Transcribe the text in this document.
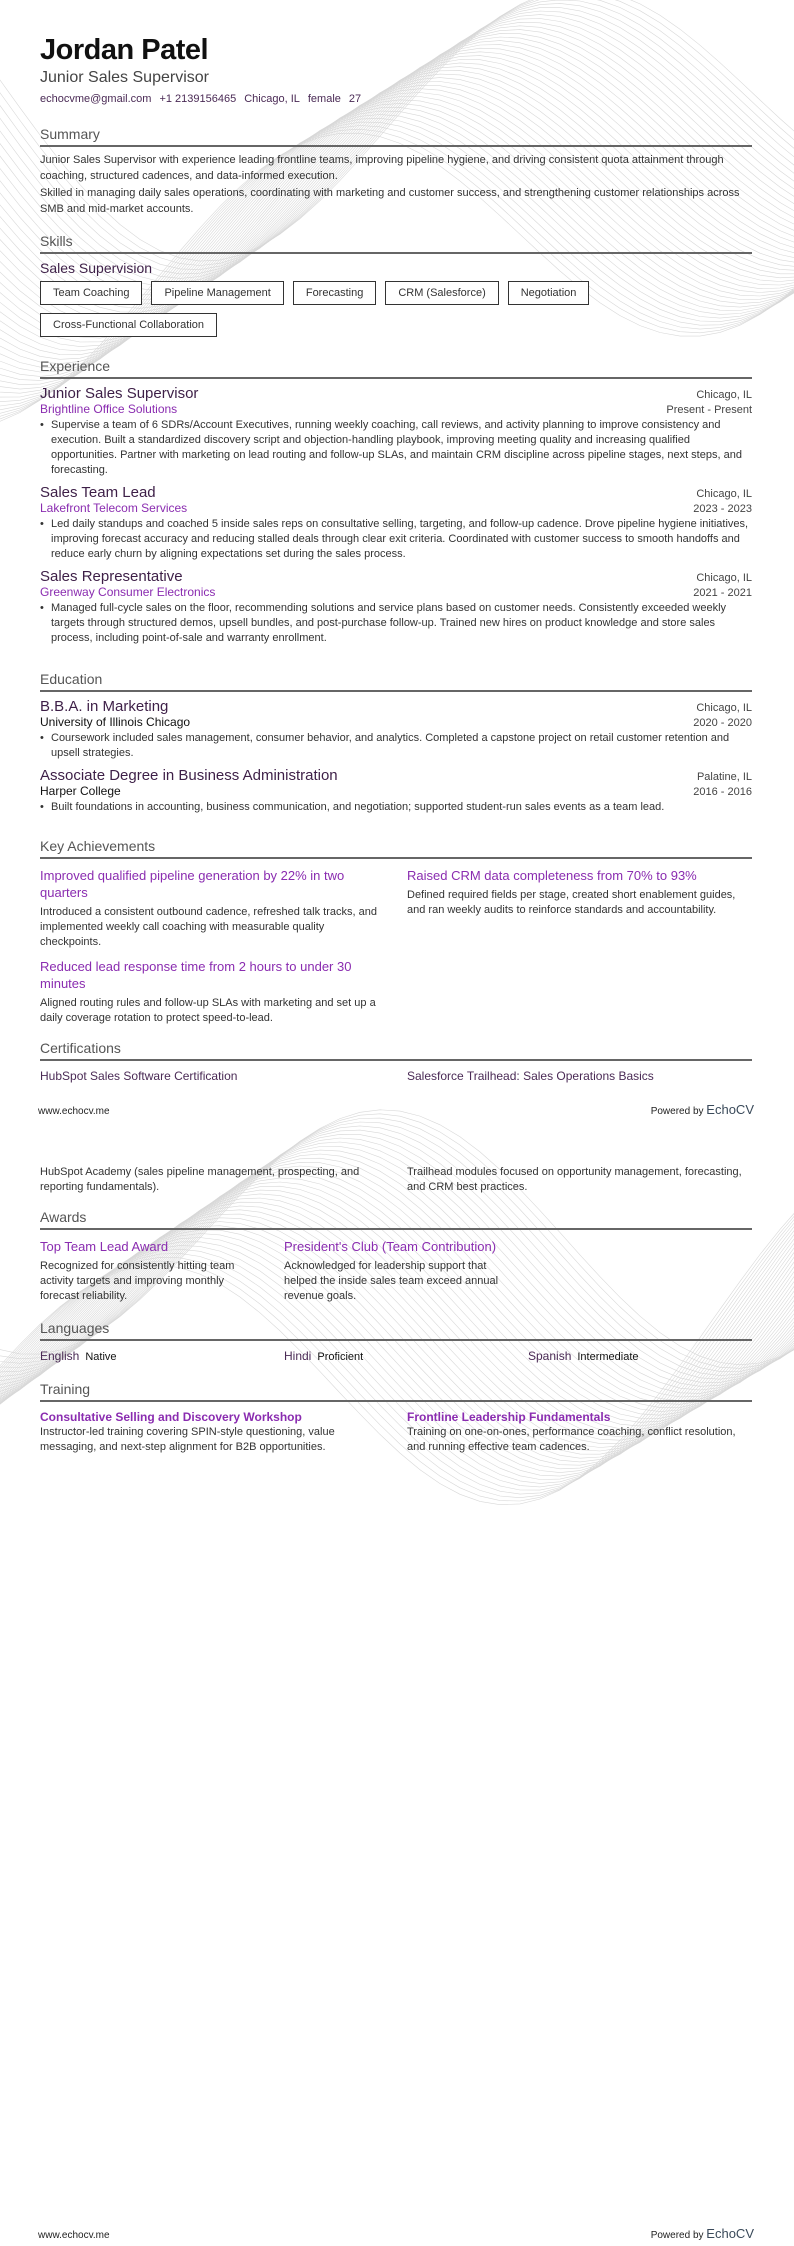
Jordan Patel
Junior Sales Supervisor
echocvme@gmail.com +1 2139156465 Chicago, IL female 27
Summary

Junior Sales Supervisor with experience leading frontline teams, improving pipeline hygiene, and driving consistent quota attainment through coaching, structured cadences, and data-informed execution.

Skilled in managing daily sales operations, coordinating with marketing and customer success, and strengthening customer relationships across SMB and mid-market accounts.

Skills
Sales Supervision
Team Coaching	Pipeline Management	Forecasting	CRM (Salesforce)	Negotiation
Cross-Functional Collaboration
Experience
Junior Sales Supervisor	Chicago, IL
Brightline Office Solutions	Present - Present
• Supervise a team of 6 SDRs/Account Executives, running weekly coaching, call reviews, and activity planning to improve consistency and execution. Built a standardized discovery script and objection-handling playbook, improving meeting quality and increasing qualified opportunities. Partner with marketing on lead routing and follow-up SLAs, and maintain CRM discipline across pipeline stages, next steps, and forecasting.
Sales Team Lead	Chicago, IL
Lakefront Telecom Services	2023 - 2023
• Led daily standups and coached 5 inside sales reps on consultative selling, targeting, and follow-up cadence. Drove pipeline hygiene initiatives, improving forecast accuracy and reducing stalled deals through clear exit criteria. Coordinated with customer success to smooth handoffs and reduce early churn by aligning expectations set during the sales process.
Sales Representative	Chicago, IL
Greenway Consumer Electronics	2021 - 2021
• Managed full-cycle sales on the floor, recommending solutions and service plans based on customer needs. Consistently exceeded weekly targets through structured demos, upsell bundles, and post-purchase follow-up. Trained new hires on product knowledge and store sales process, including point-of-sale and warranty enrollment.
Education
B.B.A. in Marketing	Chicago, IL
University of Illinois Chicago	2020 - 2020
• Coursework included sales management, consumer behavior, and analytics. Completed a capstone project on retail customer retention and upsell strategies.
Associate Degree in Business Administration	Palatine, IL
Harper College	2016 - 2016
• Built foundations in accounting, business communication, and negotiation; supported student-run sales events as a team lead.
Key Achievements
Improved qualified pipeline generation by 22% in two quarters
Introduced a consistent outbound cadence, refreshed talk tracks, and implemented weekly call coaching with measurable quality checkpoints.
Raised CRM data completeness from 70% to 93%
Defined required fields per stage, created short enablement guides, and ran weekly audits to reinforce standards and accountability.
Reduced lead response time from 2 hours to under 30 minutes
Aligned routing rules and follow-up SLAs with marketing and set up a daily coverage rotation to protect speed-to-lead.
Certifications
HubSpot Sales Software Certification	Salesforce Trailhead: Sales Operations Basics
www.echocv.me	Powered by EchoCV
HubSpot Academy (sales pipeline management, prospecting, and reporting fundamentals).
Trailhead modules focused on opportunity management, forecasting, and CRM best practices.
Awards
Top Team Lead Award
Recognized for consistently hitting team activity targets and improving monthly forecast reliability.
President's Club (Team Contribution)
Acknowledged for leadership support that helped the inside sales team exceed annual revenue goals.
Languages
English Native	Hindi Proficient	Spanish Intermediate
Training
Consultative Selling and Discovery Workshop
Instructor-led training covering SPIN-style questioning, value messaging, and next-step alignment for B2B opportunities.
Frontline Leadership Fundamentals
Training on one-on-ones, performance coaching, conflict resolution, and running effective team cadences.
www.echocv.me	Powered by EchoCV
